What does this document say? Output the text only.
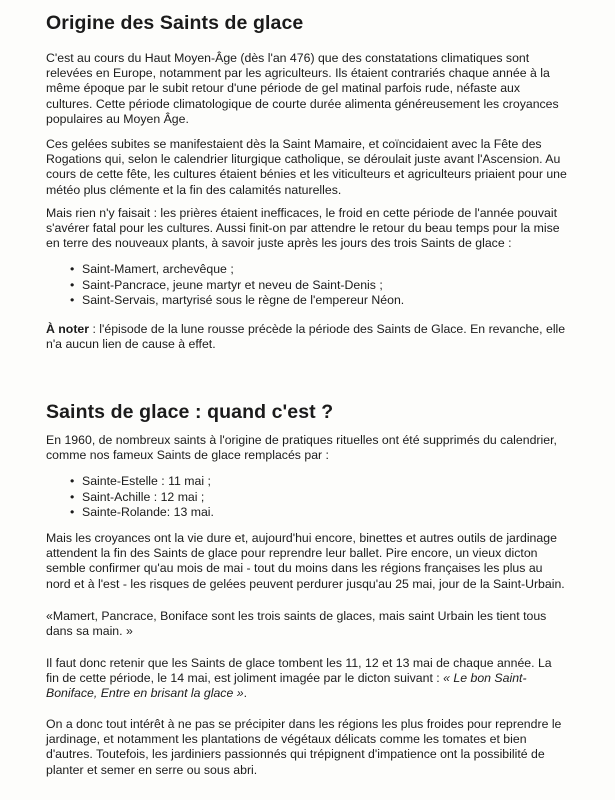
Origine des Saints de glace

C'est au cours du Haut Moyen-Âge (dès l'an 476) que des constatations climatiques sont relevées en Europe, notamment par les agriculteurs. Ils étaient contrariés chaque année à la même époque par le subit retour d'une période de gel matinal parfois rude, néfaste aux cultures. Cette période climatologique de courte durée alimenta généreusement les croyances populaires au Moyen Âge.

Ces gelées subites se manifestaient dès la Saint Mamaire, et coïncidaient avec la Fête des Rogations qui, selon le calendrier liturgique catholique, se déroulait juste avant l'Ascension. Au cours de cette fête, les cultures étaient bénies et les viticulteurs et agriculteurs priaient pour une météo plus clémente et la fin des calamités naturelles.

Mais rien n'y faisait : les prières étaient inefficaces, le froid en cette période de l'année pouvait s'avérer fatal pour les cultures. Aussi finit-on par attendre le retour du beau temps pour la mise en terre des nouveaux plants, à savoir juste après les jours des trois Saints de glace :

• Saint-Mamert, archevêque ;
• Saint-Pancrace, jeune martyr et neveu de Saint-Denis ;
• Saint-Servais, martyrisé sous le règne de l'empereur Néon.

À noter : l'épisode de la lune rousse précède la période des Saints de Glace. En revanche, elle n'a aucun lien de cause à effet.

Saints de glace : quand c'est ?

En 1960, de nombreux saints à l'origine de pratiques rituelles ont été supprimés du calendrier, comme nos fameux Saints de glace remplacés par :

• Sainte-Estelle : 11 mai ;
• Saint-Achille : 12 mai ;
• Sainte-Rolande: 13 mai.

Mais les croyances ont la vie dure et, aujourd'hui encore, binettes et autres outils de jardinage attendent la fin des Saints de glace pour reprendre leur ballet. Pire encore, un vieux dicton semble confirmer qu'au mois de mai - tout du moins dans les régions françaises les plus au nord et à l'est - les risques de gelées peuvent perdurer jusqu'au 25 mai, jour de la Saint-Urbain.

«Mamert, Pancrace, Boniface sont les trois saints de glaces, mais saint Urbain les tient tous dans sa main. »

Il faut donc retenir que les Saints de glace tombent les 11, 12 et 13 mai de chaque année. La fin de cette période, le 14 mai, est joliment imagée par le dicton suivant : « Le bon Saint-Boniface, Entre en brisant la glace ».

On a donc tout intérêt à ne pas se précipiter dans les régions les plus froides pour reprendre le jardinage, et notamment les plantations de végétaux délicats comme les tomates et bien d'autres. Toutefois, les jardiniers passionnés qui trépignent d'impatience ont la possibilité de planter et semer en serre ou sous abri.
